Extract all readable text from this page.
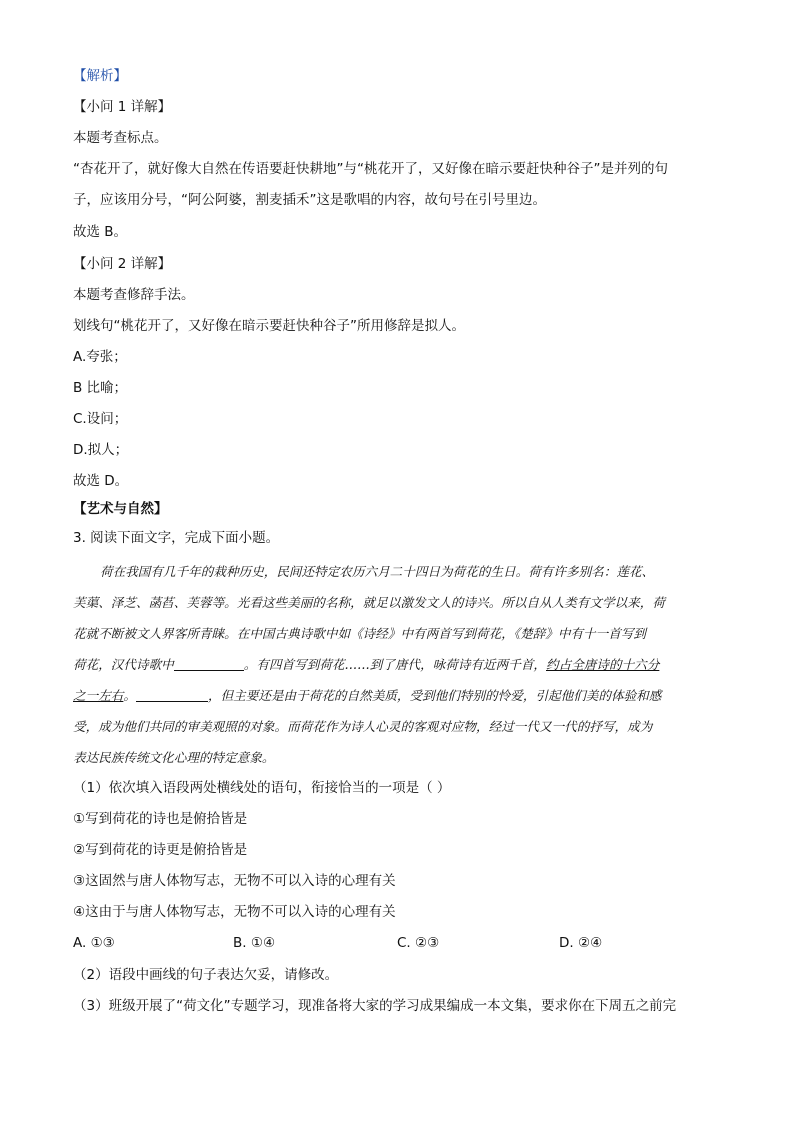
【解析】
【小问 1 详解】
本题考查标点。
“杏花开了，就好像大自然在传语要赶快耕地”与“桃花开了，又好像在暗示要赶快种谷子”是并列的句
子，应该用分号，“阿公阿婆，割麦插禾”这是歌唱的内容，故句号在引号里边。
故选 B。
【小问 2 详解】
本题考查修辞手法。
划线句“桃花开了，又好像在暗示要赶快种谷子”所用修辞是拟人。
A.夸张；
B 比喻；
C.设问；
D.拟人；
故选 D。
【艺术与自然】
3. 阅读下面文字，完成下面小题。
荷在我国有几千年的栽种历史，民间还特定农历六月二十四日为荷花的生日。荷有许多别名：莲花、
芙蕖、泽芝、菡萏、芙蓉等。光看这些美丽的名称，就足以激发文人的诗兴。所以自从人类有文学以来，荷
花就不断被文人界客所青睐。在中国古典诗歌中如《诗经》中有两首写到荷花，《楚辞》中有十一首写到
荷花，汉代诗歌中	。有四首写到荷花……到了唐代，咏荷诗有近两千首，约占全唐诗的十六分
之一左右。	，但主要还是由于荷花的自然美质，受到他们特别的怜爱，引起他们美的体验和感
受，成为他们共同的审美观照的对象。而荷花作为诗人心灵的客观对应物，经过一代又一代的抒写，成为
表达民族传统文化心理的特定意象。
（1）依次填入语段两处横线处的语句，衔接恰当的一项是（ ）
①写到荷花的诗也是俯拾皆是
②写到荷花的诗更是俯拾皆是
③这固然与唐人体物写志，无物不可以入诗的心理有关
④这由于与唐人体物写志，无物不可以入诗的心理有关
A. ①③	B. ①④	C. ②③	D. ②④
（2）语段中画线的句子表达欠妥，请修改。
（3）班级开展了“荷文化”专题学习，现准备将大家的学习成果编成一本文集，要求你在下周五之前完
